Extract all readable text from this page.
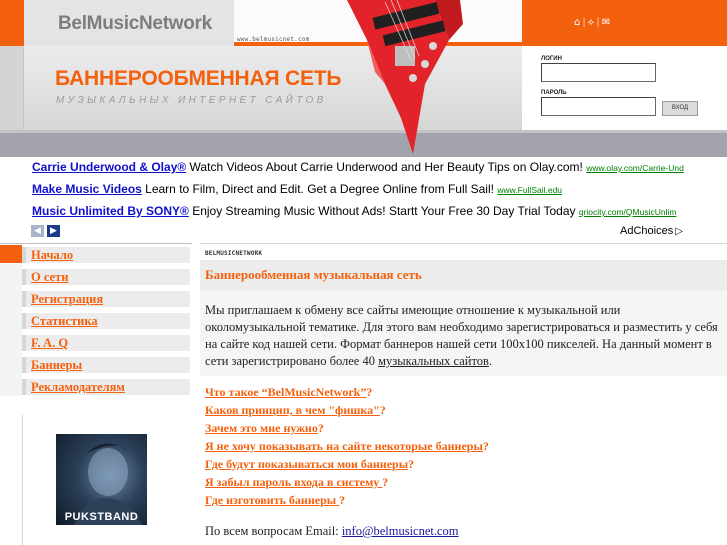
BelMusicNetwork	⌂ | ⟡ | ✉
БАННЕРООБМЕННАЯ СЕТЬ
МУЗЫКАЛЬНЫХ ИНТЕРНЕТ САЙТОВ
www.belmusicnet.com
ЛОГИН
ПАРОЛЬ
ВХОД
Carrie Underwood & Olay® Watch Videos About Carrie Underwood and Her Beauty Tips on Olay.com! www.olay.com/Carrie-Und
Make Music Videos Learn to Film, Direct and Edit. Get a Degree Online from Full Sail! www.FullSail.edu
Music Unlimited By SONY® Enjoy Streaming Music Without Ads! Startt Your Free 30 Day Trial Today qriocity.com/QMusicUnlim
◀	▶	AdChoices ▷
Начало
О сети
Регистрация
Статистика
F. A. Q
Баннеры
Рекламодателям
PUKSTBAND
BELMUSICNETWORK
Баннерообменная музыкальная сеть
Мы приглашаем к обмену все сайты имеющие отношение к музыкальной или околомузыкальной тематике. Для этого вам необходимо зарегистрироваться и разместить у себя на сайте код нашей сети. Формат баннеров нашей сети 100x100 пикселей. На данный момент в сети зарегистрировано более 40 музыкальных сайтов.
Что такое “BelMusicNetwork”?
Каков принцип, в чем "фишка"?
Зачем это мне нужно?
Я не хочу показывать на сайте некоторые баннеры?
Где будут показываться мои баннеры?
Я забыл пароль входа в систему ?
Где изготовить баннеры ?
По всем вопросам Email: info@belmusicnet.com
